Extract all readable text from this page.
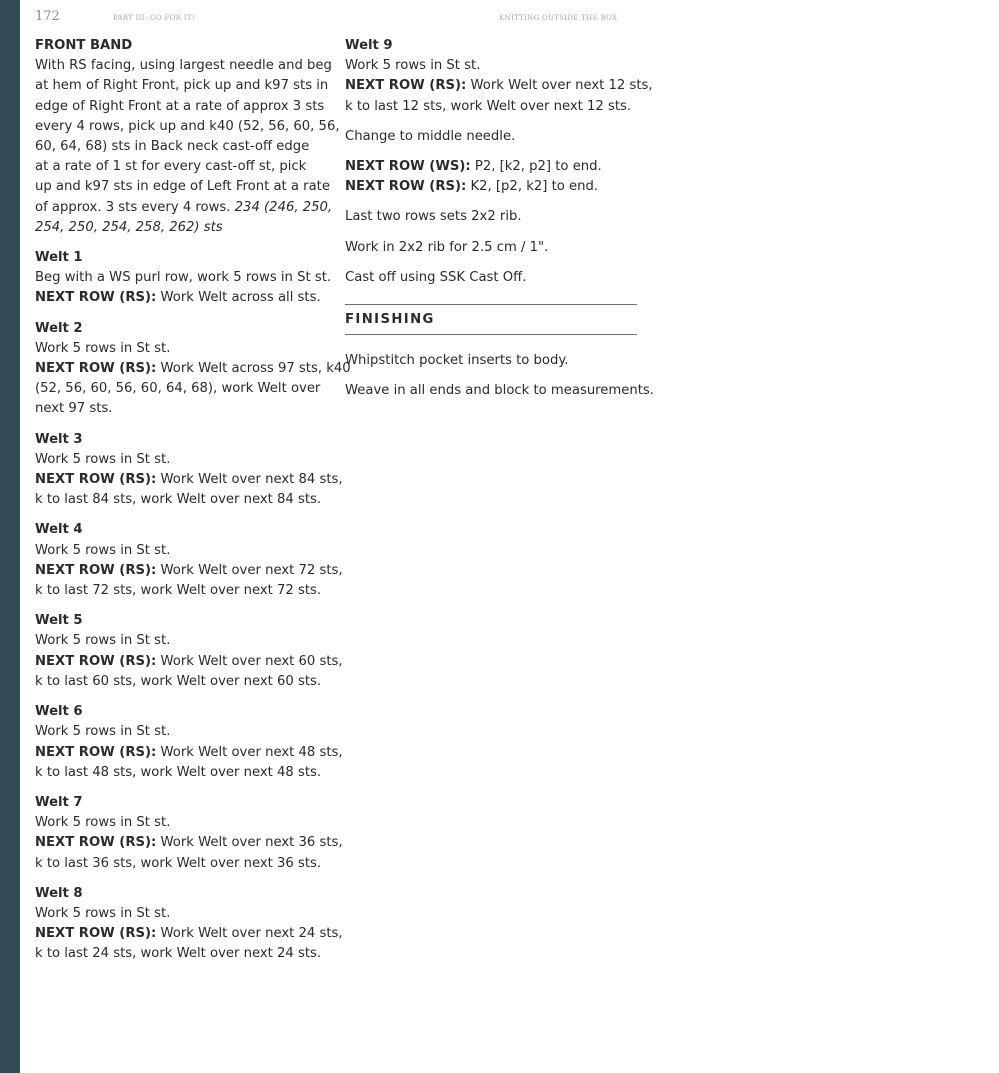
172	PART III: GO FOR IT!	KNITTING OUTSIDE THE BOX
FRONT BAND
With RS facing, using largest needle and beg
at hem of Right Front, pick up and k97 sts in
edge of Right Front at a rate of approx 3 sts
every 4 rows, pick up and k40 (52, 56, 60, 56,
60, 64, 68) sts in Back neck cast-off edge
at a rate of 1 st for every cast-off st, pick
up and k97 sts in edge of Left Front at a rate
of approx. 3 sts every 4 rows. 234 (246, 250,
254, 250, 254, 258, 262) sts
Welt 1
Beg with a WS purl row, work 5 rows in St st.
NEXT ROW (RS): Work Welt across all sts.
Welt 2
Work 5 rows in St st.
NEXT ROW (RS): Work Welt across 97 sts, k40
(52, 56, 60, 56, 60, 64, 68), work Welt over
next 97 sts.
Welt 3
Work 5 rows in St st.
NEXT ROW (RS): Work Welt over next 84 sts,
k to last 84 sts, work Welt over next 84 sts.
Welt 4
Work 5 rows in St st.
NEXT ROW (RS): Work Welt over next 72 sts,
k to last 72 sts, work Welt over next 72 sts.
Welt 5
Work 5 rows in St st.
NEXT ROW (RS): Work Welt over next 60 sts,
k to last 60 sts, work Welt over next 60 sts.
Welt 6
Work 5 rows in St st.
NEXT ROW (RS): Work Welt over next 48 sts,
k to last 48 sts, work Welt over next 48 sts.
Welt 7
Work 5 rows in St st.
NEXT ROW (RS): Work Welt over next 36 sts,
k to last 36 sts, work Welt over next 36 sts.
Welt 8
Work 5 rows in St st.
NEXT ROW (RS): Work Welt over next 24 sts,
k to last 24 sts, work Welt over next 24 sts.
Welt 9
Work 5 rows in St st.
NEXT ROW (RS): Work Welt over next 12 sts,
k to last 12 sts, work Welt over next 12 sts.
Change to middle needle.
NEXT ROW (WS): P2, [k2, p2] to end.
NEXT ROW (RS): K2, [p2, k2] to end.
Last two rows sets 2x2 rib.
Work in 2x2 rib for 2.5 cm / 1".
Cast off using SSK Cast Off.
FINISHING
Whipstitch pocket inserts to body.
Weave in all ends and block to measurements.
